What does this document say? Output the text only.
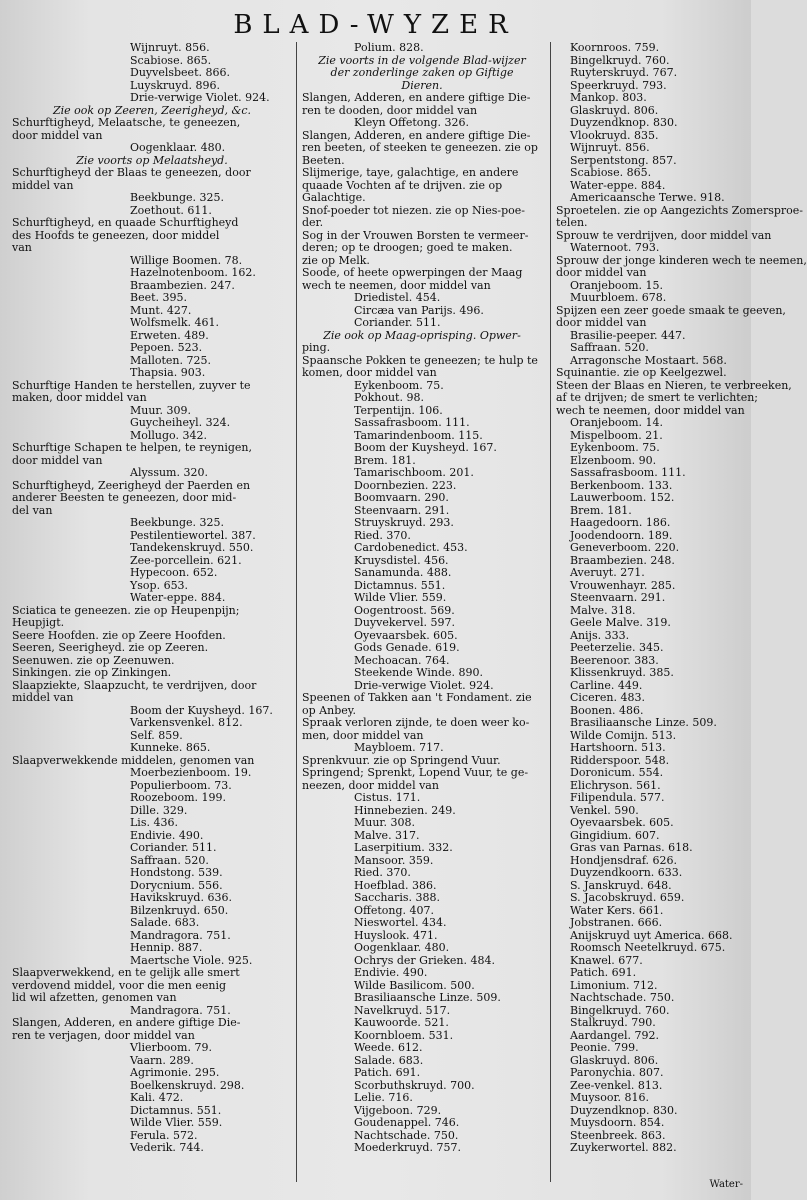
BLAD-WYZER
Wijnruyt. 856.
Scabiose. 865.
Duyvelsbeet. 866.
Luyskruyd. 896.
Drie-verwige Violet. 924.
Zie ook op Zeeren, Zeerigheyd, &c.
Schurftigheyd, Melaatsche, te geneezen,
door middel van
Oogenklaar. 480.
Zie voorts op Melaatsheyd.
Schurftigheyd der Blaas te geneezen, door
middel van
Beekbunge. 325.
Zoethout. 611.
Schurftigheyd, en quaade Schurftigheyd
des Hoofds te geneezen, door middel
van
Willige Boomen. 78.
Hazelnotenboom. 162.
Braambezien. 247.
Beet. 395.
Munt. 427.
Wolfsmelk. 461.
Erweten. 489.
Pepoen. 523.
Malloten. 725.
Thapsia. 903.
Schurftige Handen te herstellen, zuyver te
maken, door middel van
Muur. 309.
Guycheiheyl. 324.
Mollugo. 342.
Schurftige Schapen te helpen, te reynigen,
door middel van
Alyssum. 320.
Schurftigheyd, Zeerigheyd der Paerden en
anderer Beesten te geneezen, door mid-
del van
Beekbunge. 325.
Pestilentiewortel. 387.
Tandekenskruyd. 550.
Zee-porcellein. 621.
Hypecoon. 652.
Ysop. 653.
Water-eppe. 884.
Sciatica te geneezen. zie op Heupenpijn;
Heupjigt.
Seere Hoofden. zie op Zeere Hoofden.
Seeren, Seerigheyd. zie op Zeeren.
Seenuwen. zie op Zeenuwen.
Sinkingen. zie op Zinkingen.
Slaapziekte, Slaapzucht, te verdrijven, door
middel van
Boom der Kuysheyd. 167.
Varkensvenkel. 812.
Self. 859.
Kunneke. 865.
Slaapverwekkende middelen, genomen van
Moerbezienboom. 19.
Populierboom. 73.
Roozeboom. 199.
Dille. 329.
Lis. 436.
Endivie. 490.
Coriander. 511.
Saffraan. 520.
Hondstong. 539.
Dorycnium. 556.
Havikskruyd. 636.
Bilzenkruyd. 650.
Salade. 683.
Mandragora. 751.
Hennip. 887.
Maertsche Viole. 925.
Slaapverwekkend, en te gelijk alle smert
verdovend middel, voor die men eenig
lid wil afzetten, genomen van
Mandragora. 751.
Slangen, Adderen, en andere giftige Die-
ren te verjagen, door middel van
Vlierboom. 79.
Vaarn. 289.
Agrimonie. 295.
Boelkenskruyd. 298.
Kali. 472.
Dictamnus. 551.
Wilde Vlier. 559.
Ferula. 572.
Vederik. 744.
Polium. 828.
Zie voorts in de volgende Blad-wijzer
der zonderlinge zaken op Giftige
Dieren.
Slangen, Adderen, en andere giftige Die-
ren te dooden, door middel van
Kleyn Offetong. 326.
Slangen, Adderen, en andere giftige Die-
ren beeten, of steeken te geneezen. zie op
Beeten.
Slijmerige, taye, galachtige, en andere
quaade Vochten af te drijven. zie op
Galachtige.
Snof-poeder tot niezen. zie op Nies-poe-
der.
Sog in der Vrouwen Borsten te vermeer-
deren; op te droogen; goed te maken.
zie op Melk.
Soode, of heete opwerpingen der Maag
wech te neemen, door middel van
Driedistel. 454.
Circæa van Parijs. 496.
Coriander. 511.
Zie ook op Maag-oprisping. Opwer-
ping.
Spaansche Pokken te geneezen; te hulp te
komen, door middel van
Eykenboom. 75.
Pokhout. 98.
Terpentijn. 106.
Sassafrasboom. 111.
Tamarindenboom. 115.
Boom der Kuysheyd. 167.
Brem. 181.
Tamarischboom. 201.
Doornbezien. 223.
Boomvaarn. 290.
Steenvaarn. 291.
Struyskruyd. 293.
Ried. 370.
Cardobenedict. 453.
Kruysdistel. 456.
Sanamunda. 488.
Dictamnus. 551.
Wilde Vlier. 559.
Oogentroost. 569.
Duyvekervel. 597.
Oyevaarsbek. 605.
Gods Genade. 619.
Mechoacan. 764.
Steekende Winde. 890.
Drie-verwige Violet. 924.
Speenen of Takken aan 't Fondament. zie
op Anbey.
Spraak verloren zijnde, te doen weer ko-
men, door middel van
Maybloem. 717.
Sprenkvuur. zie op Springend Vuur.
Springend; Sprenkt, Lopend Vuur, te ge-
neezen, door middel van
Cistus. 171.
Hinnebezien. 249.
Muur. 308.
Malve. 317.
Laserpitium. 332.
Mansoor. 359.
Ried. 370.
Hoefblad. 386.
Saccharis. 388.
Offetong. 407.
Nieswortel. 434.
Huyslook. 471.
Oogenklaar. 480.
Ochrys der Grieken. 484.
Endivie. 490.
Wilde Basilicom. 500.
Brasiliaansche Linze. 509.
Navelkruyd. 517.
Kauwoorde. 521.
Koornbloem. 531.
Weede. 612.
Salade. 683.
Patich. 691.
Scorbuthskruyd. 700.
Lelie. 716.
Vijgeboon. 729.
Goudenappel. 746.
Nachtschade. 750.
Moederkruyd. 757.
Koornroos. 759.
Bingelkruyd. 760.
Ruyterskruyd. 767.
Speerkruyd. 793.
Mankop. 803.
Glaskruyd. 806.
Duyzendknop. 830.
Vlookruyd. 835.
Wijnruyt. 856.
Serpentstong. 857.
Scabiose. 865.
Water-eppe. 884.
Americaansche Terwe. 918.
Sproetelen. zie op Aangezichts Zomersproe-
telen.
Sprouw te verdrijven, door middel van
Waternoot. 793.
Sprouw der jonge kinderen wech te neemen,
door middel van
Oranjeboom. 15.
Muurbloem. 678.
Spijzen een zeer goede smaak te geeven,
door middel van
Brasilie-peeper. 447.
Saffraan. 520.
Arragonsche Mostaart. 568.
Squinantie. zie op Keelgezwel.
Steen der Blaas en Nieren, te verbreeken,
af te drijven; de smert te verlichten;
wech te neemen, door middel van
Oranjeboom. 14.
Mispelboom. 21.
Eykenboom. 75.
Elzenboom. 90.
Sassafrasboom. 111.
Berkenboom. 133.
Lauwerboom. 152.
Brem. 181.
Haagedoorn. 186.
Joodendoorn. 189.
Geneverboom. 220.
Braambezien. 248.
Averuyt. 271.
Vrouwenhayr. 285.
Steenvaarn. 291.
Malve. 318.
Geele Malve. 319.
Anijs. 333.
Peeterzelie. 345.
Beerenoor. 383.
Klissenkruyd. 385.
Carline. 449.
Ciceren. 483.
Boonen. 486.
Brasiliaansche Linze. 509.
Wilde Comijn. 513.
Hartshoorn. 513.
Ridderspoor. 548.
Doronicum. 554.
Elichryson. 561.
Filipendula. 577.
Venkel. 590.
Oyevaarsbek. 605.
Gingidium. 607.
Gras van Parnas. 618.
Hondjensdraf. 626.
Duyzendkoorn. 633.
S. Janskruyd. 648.
S. Jacobskruyd. 659.
Water Kers. 661.
Jobstranen. 666.
Anijskruyd uyt America. 668.
Roomsch Neetelkruyd. 675.
Knawel. 677.
Patich. 691.
Limonium. 712.
Nachtschade. 750.
Bingelkruyd. 760.
Stalkruyd. 790.
Aardangel. 792.
Peonie. 799.
Glaskruyd. 806.
Paronychia. 807.
Zee-venkel. 813.
Muysoor. 816.
Duyzendknop. 830.
Muysdoorn. 854.
Steenbreek. 863.
Zuykerwortel. 882.
Water-
